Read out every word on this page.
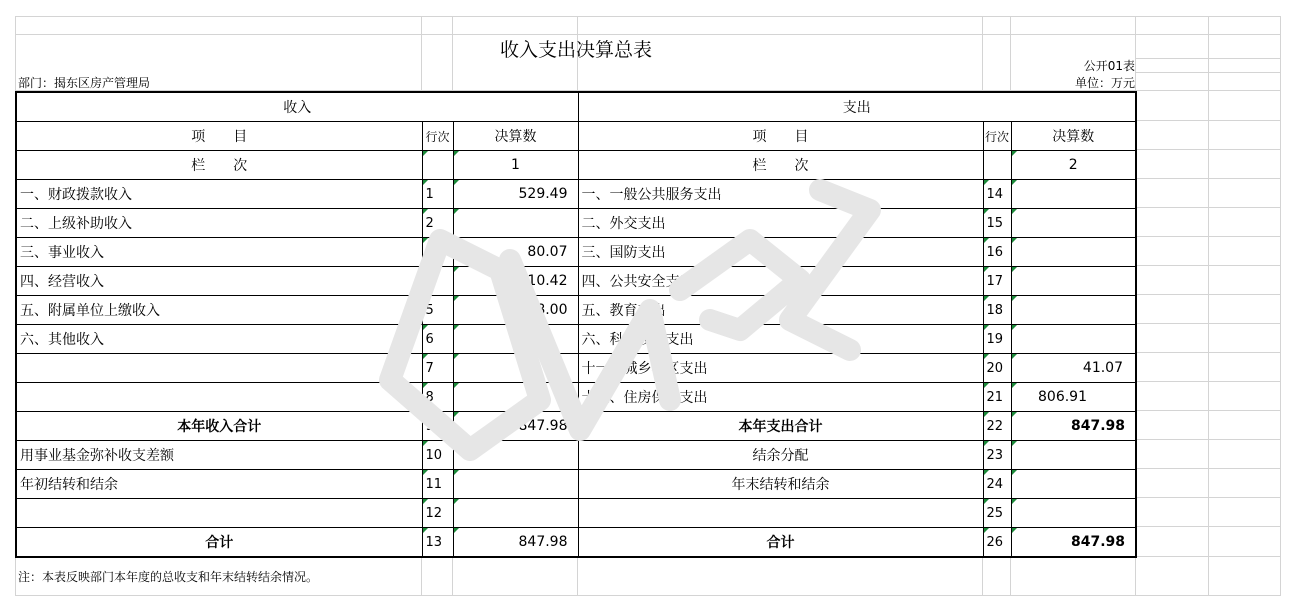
收入支出决算总表
公开01表
部门：揭东区房产管理局	单位：万元
收入			支出		
项　　目	行次	决算数	项　　目	行次	决算数
栏　　次		1	栏　　次		2
一、财政拨款收入	1	529.49	一、一般公共服务支出	14	
二、上级补助收入	2		二、外交支出	15	
三、事业收入	3	80.07	三、国防支出	16	
四、经营收入	4	210.42	四、公共安全支出	17	
五、附属单位上缴收入	5	28.00	五、教育支出	18	
六、其他收入	6		六、科学技术支出	19	
	7		十一、城乡社区支出	20	41.07
	8		十九、住房保障支出	21	806.91
本年收入合计	9	847.98	本年支出合计	22	847.98
用事业基金弥补收支差额	10		结余分配	23	
年初结转和结余	11		年末结转和结余	24	
	12			25	
合计	13	847.98	合计	26	847.98
注：本表反映部门本年度的总收支和年末结转结余情况。
